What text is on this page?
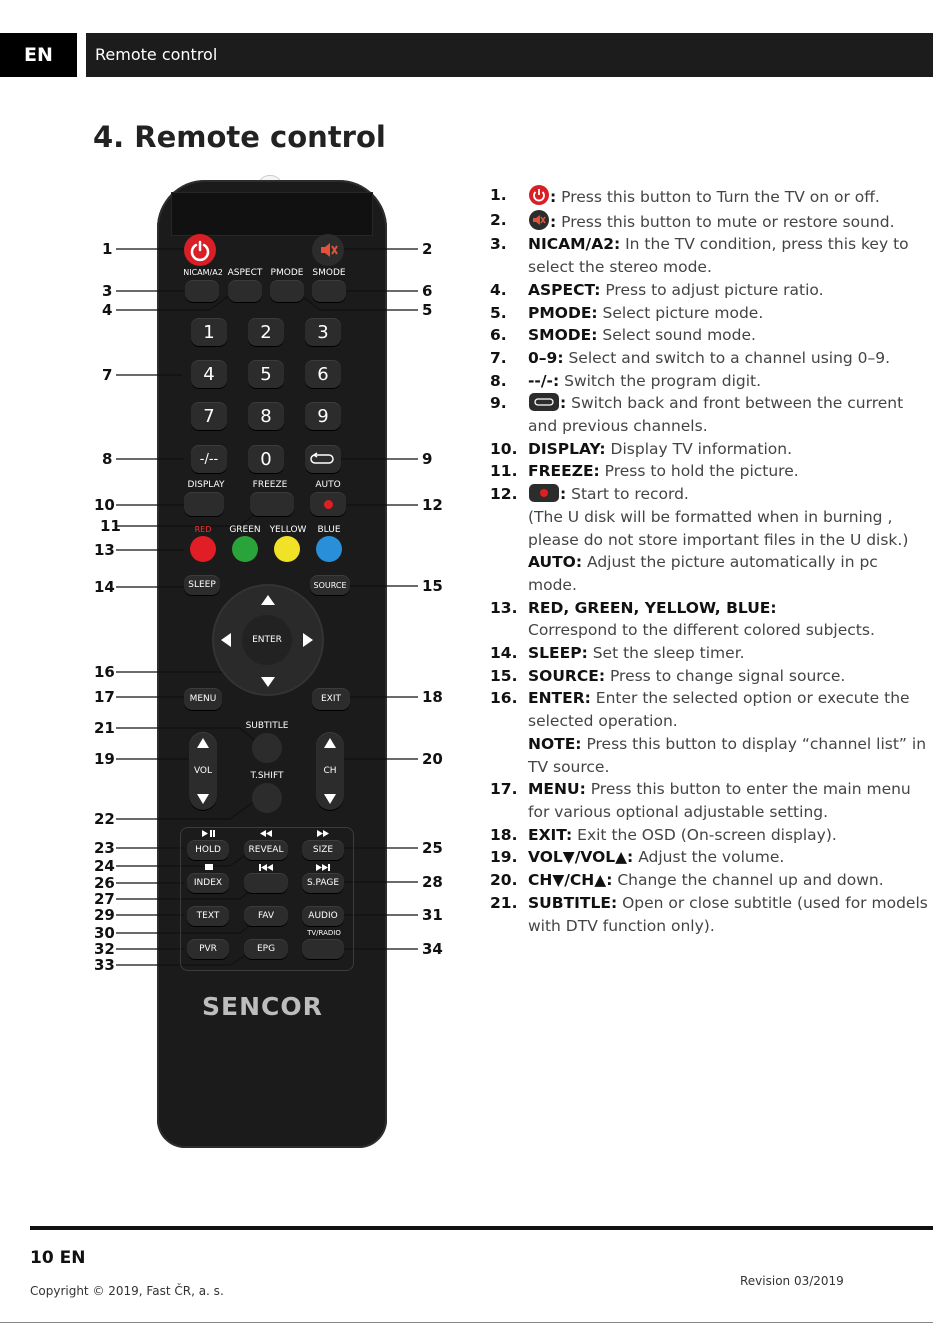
EN	Remote control
4. Remote control
1
3
4
7
8
10
11
13
14
16
17
21
19
22
23
24
26
27
29
30
32
33
2
6
5
9
12
15
18
20
25
28
31
34
NICAM/A2 ASPECT PMODE SMODE
1	2	3
4	5	6
7	8	9
-/--	0
DISPLAY	FREEZE	AUTO
RED GREEN YELLOW BLUE
SLEEP	SOURCE
ENTER
MENU	EXIT
SUBTITLE
VOL	CH
T.SHIFT
HOLD	REVEAL	SIZE
INDEX	S.PAGE
TEXT	FAV	AUDIO
TV/RADIO
PVR	EPG
SENCOR
1.	: Press this button to Turn the TV on or off.
2.	: Press this button to mute or restore sound.
3.	NICAM/A2: In the TV condition, press this key to select the stereo mode.
4.	ASPECT: Press to adjust picture ratio.
5.	PMODE: Select picture mode.
6.	SMODE: Select sound mode.
7.	0–9: Select and switch to a channel using 0–9.
8.	--/-: Switch the program digit.
9.	: Switch back and front between the current and previous channels.
10. DISPLAY: Display TV information.
11. FREEZE: Press to hold the picture.
12.	: Start to record.
(The U disk will be formatted when in burning , please do not store important files in the U disk.)
AUTO: Adjust the picture automatically in pc mode.
13. RED, GREEN, YELLOW, BLUE:
Correspond to the different colored subjects.
14. SLEEP: Set the sleep timer.
15. SOURCE: Press to change signal source.
16. ENTER: Enter the selected option or execute the selected operation.
NOTE: Press this button to display “channel list” in TV source.
17. MENU: Press this button to enter the main menu for various optional adjustable setting.
18. EXIT: Exit the OSD (On-screen display).
19. VOL▼/VOL▲: Adjust the volume.
20. CH▼/CH▲: Change the channel up and down.
21. SUBTITLE: Open or close subtitle (used for models with DTV function only).
10 EN
Copyright © 2019, Fast ČR, a. s.
Revision 03/2019
